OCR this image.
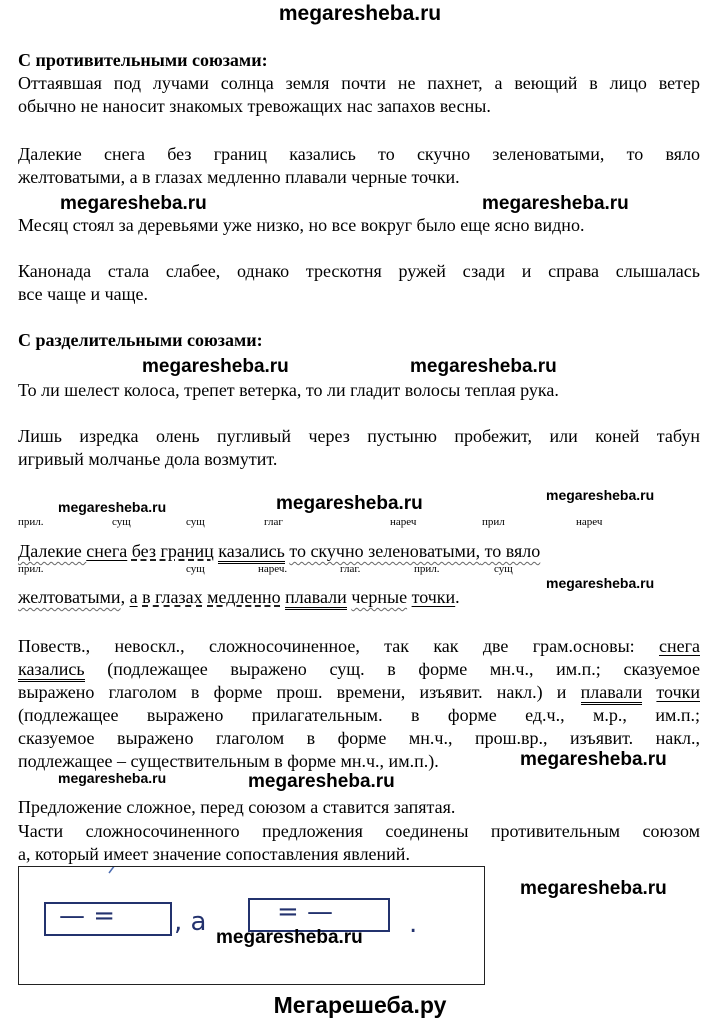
megaresheba.ru
С противительными союзами:
Оттаявшая под лучами солнца земля почти не пахнет, а веющий в лицо ветер
обычно не наносит знакомых тревожащих нас запахов весны.
Далекие снега без границ казались то скучно зеленоватыми, то вяло
желтоватыми, а в глазах медленно плавали черные точки.
megaresheba.ru	megaresheba.ru
Месяц стоял за деревьями уже низко, но все вокруг было еще ясно видно.
Канонада стала слабее, однако трескотня ружей сзади и справа слышалась
все чаще и чаще.
С разделительными союзами:
megaresheba.ru	megaresheba.ru
То ли шелест колоса, трепет ветерка, то ли гладит волосы теплая рука.
Лишь изредка олень пугливый через пустыню пробежит, или коней табун
игривый молчанье дола возмутит.
megaresheba.ru	megaresheba.ru	megaresheba.ru
прил.	сущ	сущ	глаг	нареч	прил	нареч
Далекие снега без границ казались то скучно зеленоватыми, то вяло
прил.	сущ	нареч.	глаг.	прил.	сущ
megaresheba.ru
желтоватыми, а в глазах медленно плавали черные точки.
Повеств., невоскл., сложносочиненное, так как две грам.основы: снега
казались (подлежащее выражено сущ. в форме мн.ч., им.п.; сказуемое
выражено глаголом в форме прош. времени, изъявит. накл.) и плавали точки
(подлежащее выражено прилагательным. в форме ед.ч., м.р., им.п.;
сказуемое выражено глаголом в форме мн.ч., прош.вр., изъявит. накл.,
подлежащее – существительным в форме мн.ч., им.п.).
megaresheba.ru
megaresheba.ru
megaresheba.ru
Предложение сложное, перед союзом а ставится запятая.
Части сложносочиненного предложения соединены противительным союзом
а, который имеет значение сопоставления явлений.
— = , а	= —	.
megaresheba.ru
megaresheba.ru
Мегарешеба.ру
